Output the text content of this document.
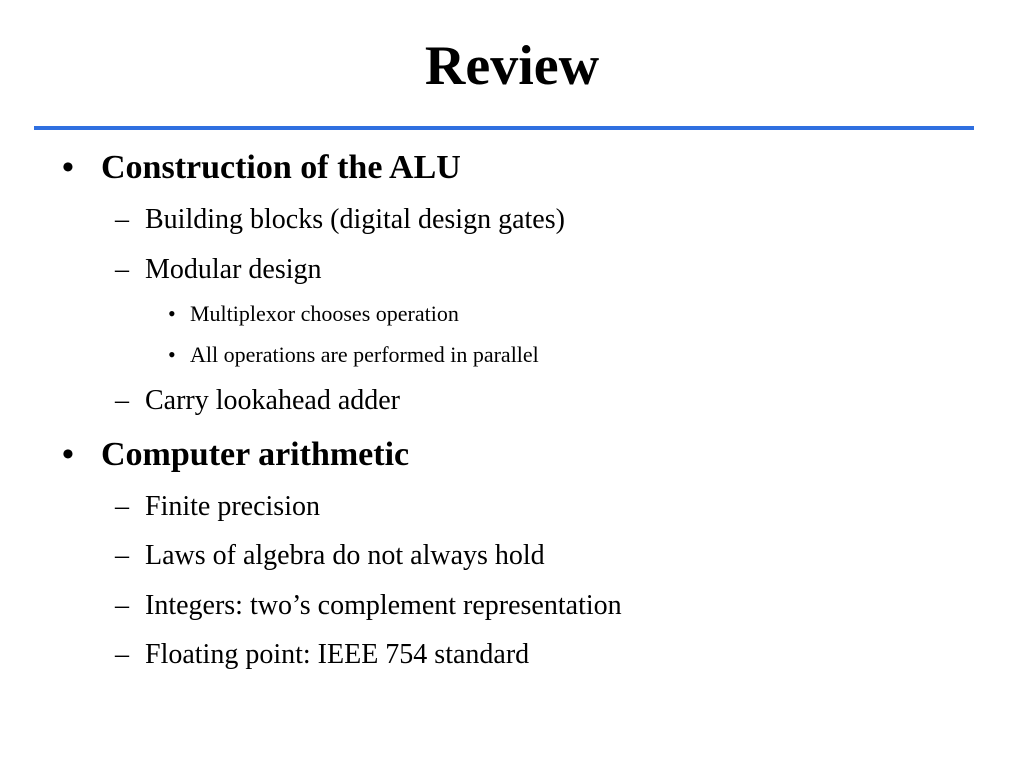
Review
• Construction of the ALU
– Building blocks (digital design gates)
– Modular design
• Multiplexor chooses operation
• All operations are performed in parallel
– Carry lookahead adder
• Computer arithmetic
– Finite precision
– Laws of algebra do not always hold
– Integers: two’s complement representation
– Floating point: IEEE 754 standard
